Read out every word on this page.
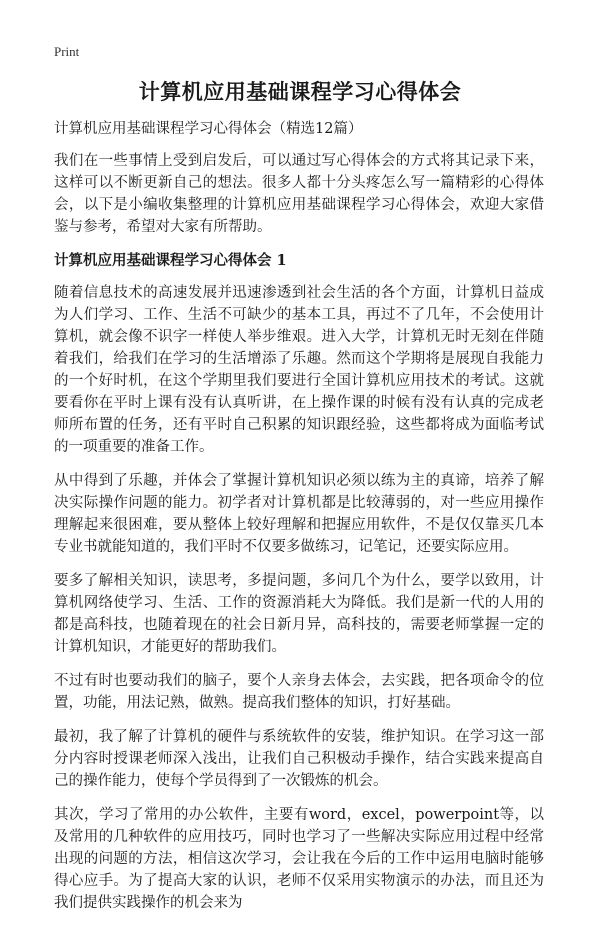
Print
计算机应用基础课程学习心得体会

计算机应用基础课程学习心得体会（精选12篇）

我们在一些事情上受到启发后，可以通过写心得体会的方式将其记录下来，这样可以不断更新自己的想法。很多人都十分头疼怎么写一篇精彩的心得体会，以下是小编收集整理的计算机应用基础课程学习心得体会，欢迎大家借鉴与参考，希望对大家有所帮助。

计算机应用基础课程学习心得体会 1

随着信息技术的高速发展并迅速渗透到社会生活的各个方面，计算机日益成为人们学习、工作、生活不可缺少的基本工具，再过不了几年，不会使用计算机，就会像不识字一样使人举步维艰。进入大学，计算机无时无刻在伴随着我们，给我们在学习的生活增添了乐趣。然而这个学期将是展现自我能力的一个好时机，在这个学期里我们要进行全国计算机应用技术的考试。这就要看你在平时上课有没有认真听讲，在上操作课的时候有没有认真的完成老师所布置的任务，还有平时自己积累的知识跟经验，这些都将成为面临考试的一项重要的准备工作。

从中得到了乐趣，并体会了掌握计算机知识必须以练为主的真谛，培养了解决实际操作问题的能力。初学者对计算机都是比较薄弱的，对一些应用操作理解起来很困难，要从整体上较好理解和把握应用软件，不是仅仅靠买几本专业书就能知道的，我们平时不仅要多做练习，记笔记，还要实际应用。

要多了解相关知识，读思考，多提问题，多问几个为什么，要学以致用，计算机网络使学习、生活、工作的资源消耗大为降低。我们是新一代的人用的都是高科技，也随着现在的社会日新月异，高科技的，需要老师掌握一定的计算机知识，才能更好的帮助我们。

不过有时也要动我们的脑子，要个人亲身去体会，去实践，把各项命令的位置，功能，用法记熟，做熟。提高我们整体的知识，打好基础。

最初，我了解了计算机的硬件与系统软件的安装，维护知识。在学习这一部分内容时授课老师深入浅出，让我们自己积极动手操作，结合实践来提高自己的操作能力，使每个学员得到了一次锻炼的机会。

其次，学习了常用的办公软件，主要有word，excel，powerpoint等，以及常用的几种软件的应用技巧，同时也学习了一些解决实际应用过程中经常出现的问题的方法，相信这次学习，会让我在今后的工作中运用电脑时能够得心应手。为了提高大家的认识，老师不仅采用实物演示的办法，而且还为我们提供实践操作的机会来为
